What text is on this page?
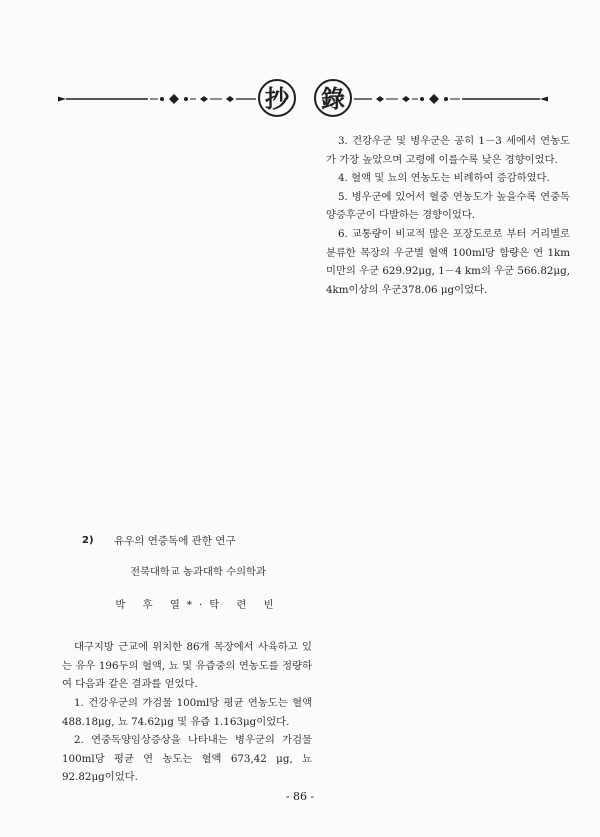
抄 錄

3. 건강우군 및 병우군은 공히 1－3 세에서 연농도가 가장 높았으며 고령에 이를수록 낮은 경향이었다.

4. 혈액 및 뇨의 연농도는 비례하여 증감하였다.

5. 병우군에 있어서 혈중 연농도가 높을수록 연중독양증후군이 다발하는 경향이었다.

6. 교통량이 비교적 많은 포장도로로 부터 거리별로 분류한 목장의 우군별 혈액 100ml당 함량은 연 1km미만의 우군 629.92μg, 1－4 km의 우군 566.82μg, 4km이상의 우군378.06 μg이었다.

2) 유우의 연중독에 관한 연구
전북대학교 농과대학 수의학과
박 후 열*·탁 련 빈

대구지방 근교에 위치한 86개 목장에서 사육하고 있는 유우 196두의 혈액, 뇨 및 유즙중의 연농도를 정량하여 다음과 같은 결과를 얻었다.

1. 건강우군의 가검물 100ml당 평균 연농도는 혈액 488.18μg, 뇨 74.62μg 및 유즙 1.163μg이었다.

2. 연중독양임상증상을 나타내는 병우군의 가검물 100ml당 평균 연 농도는 혈액 673,42 μg, 뇨 92.82μg이었다.

- 86 -
